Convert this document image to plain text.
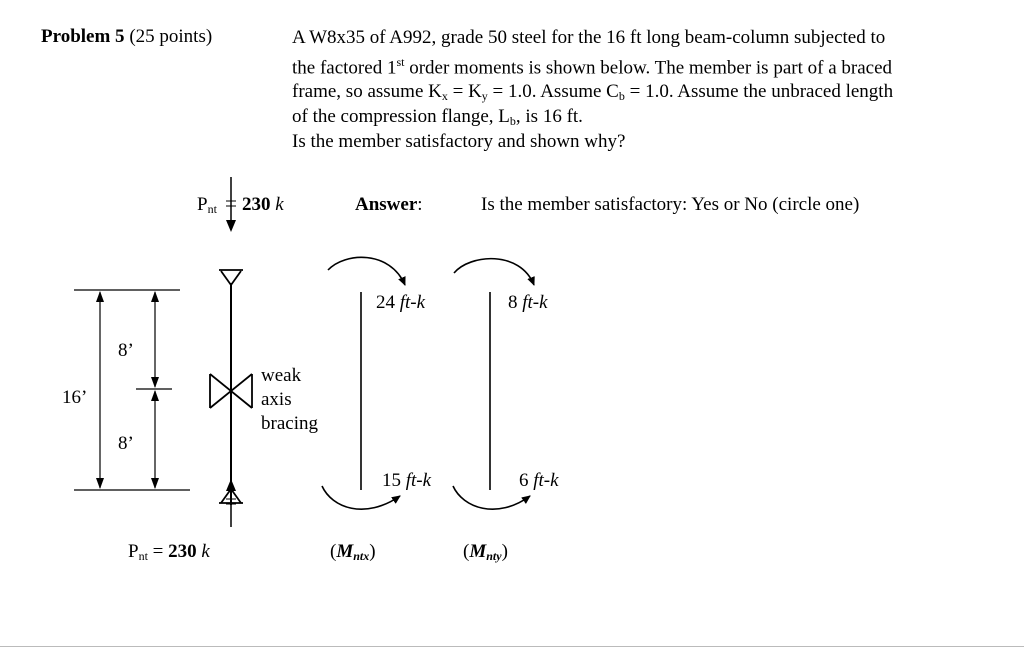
Problem 5 (25 points)	A W8x35 of A992, grade 50 steel for the 16 ft long beam-column subjected to
the factored 1st order moments is shown below. The member is part of a braced
frame, so assume Kx = Ky = 1.0. Assume Cb = 1.0. Assume the unbraced length
of the compression flange, Lb, is 16 ft.
Is the member satisfactory and shown why?
Pnt 230 k	Answer:	Is the member satisfactory: Yes or No (circle one)
16’
8’
8’
weak
axis
bracing
24 ft-k
15 ft-k
8 ft-k
6 ft-k
(Mntx)	(Mnty)
Pnt = 230 k
